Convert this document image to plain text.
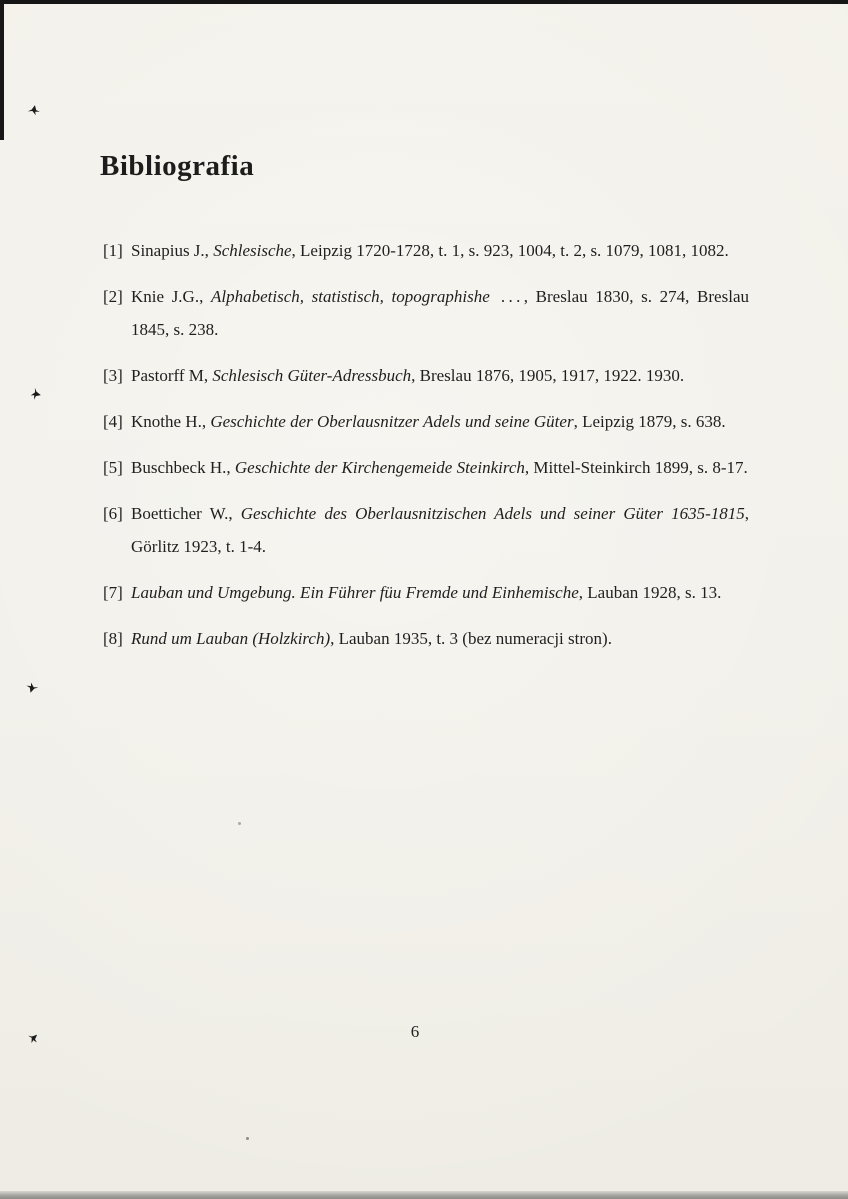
Bibliografia
[1] Sinapius J., Schlesische, Leipzig 1720-1728, t. 1, s. 923, 1004, t. 2, s. 1079, 1081, 1082.

[2] Knie J.G., Alphabetisch, statistisch, topographishe  . . . , Breslau 1830, s. 274, Breslau 1845, s. 238.

[3] Pastorff M, Schlesisch Güter-Adressbuch, Breslau 1876, 1905, 1917, 1922. 1930.

[4] Knothe H., Geschichte der Oberlausnitzer Adels und seine Güter, Leipzig 1879, s. 638.

[5] Buschbeck H., Geschichte der Kirchengemeide Steinkirch, Mittel-Steinkirch 1899, s. 8-17.

[6] Boetticher W., Geschichte des Oberlausnitzischen Adels und seiner Güter 1635-1815, Görlitz 1923, t. 1-4.

[7] Lauban und Umgebung. Ein Führer füu Fremde und Einhemische, Lauban 1928, s. 13.

[8] Rund um Lauban (Holzkirch), Lauban 1935, t. 3 (bez numeracji stron).

6
